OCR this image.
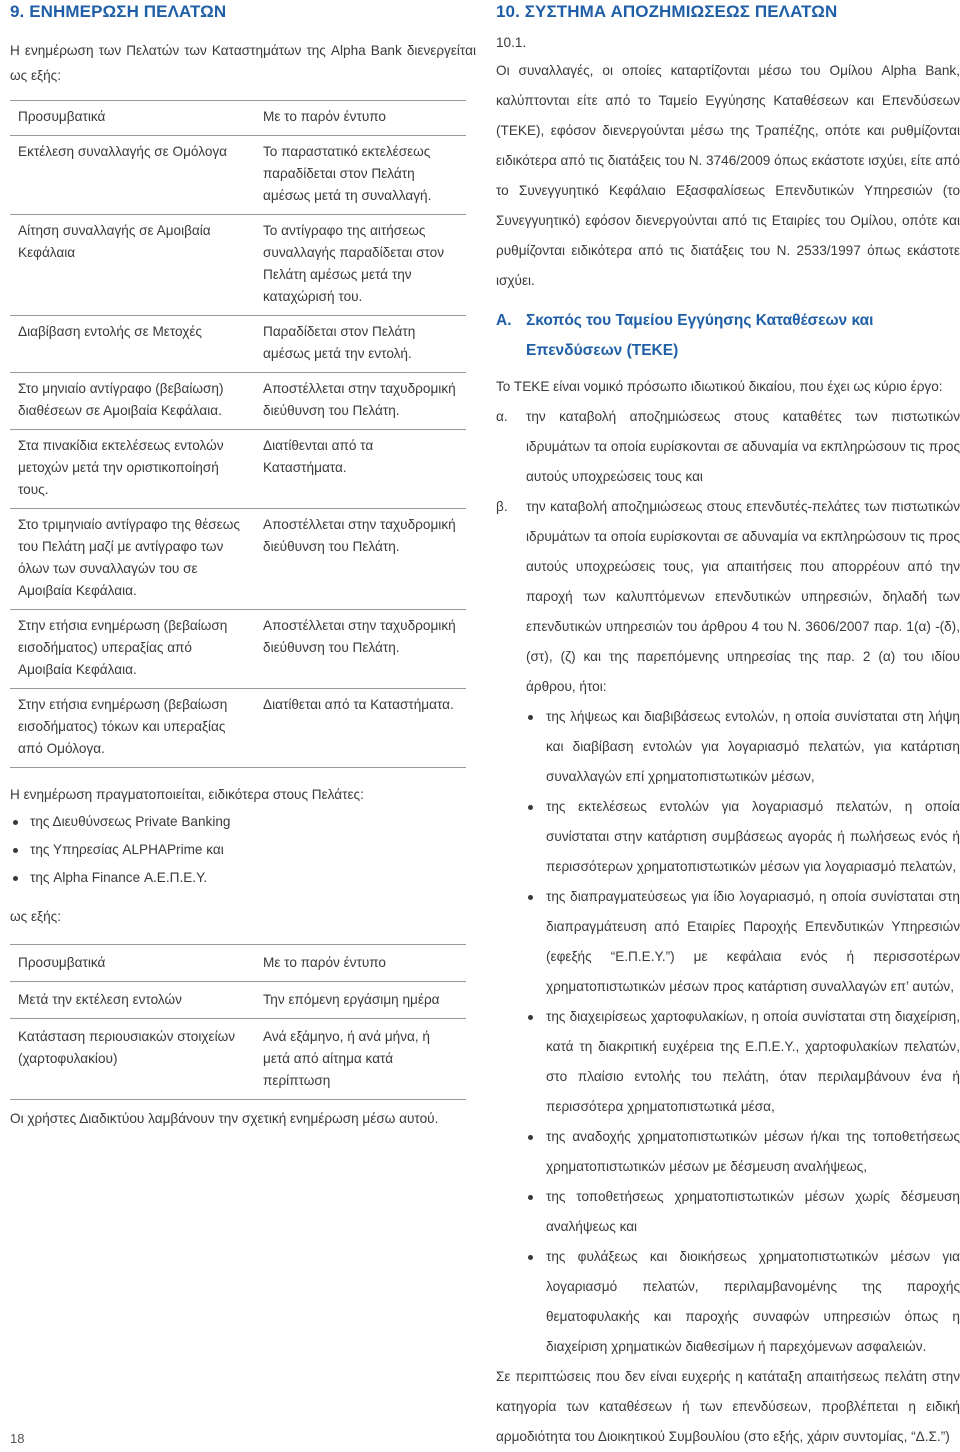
9. ΕΝΗΜΕΡΩΣΗ ΠΕΛΑΤΩΝ

Η ενημέρωση των Πελατών των Καταστημάτων της Alpha Bank διενεργείται ως εξής:

Προσυμβατικά	Με το παρόν έντυπο
Εκτέλεση συναλλαγής σε Ομόλογα	Το παραστατικό εκτελέσεως παραδίδεται στον Πελάτη αμέσως μετά τη συναλλαγή.
Αίτηση συναλλαγής σε Αμοιβαία Κεφάλαια	Το αντίγραφο της αιτήσεως συναλλαγής παραδίδεται στον Πελάτη αμέσως μετά την καταχώρισή του.
Διαβίβαση εντολής σε Μετοχές	Παραδίδεται στον Πελάτη αμέσως μετά την εντολή.
Στο μηνιαίο αντίγραφο (βεβαίωση) διαθέσεων σε Αμοιβαία Κεφάλαια.	Αποστέλλεται στην ταχυδρομική διεύθυνση του Πελάτη.
Στα πινακίδια εκτελέσεως εντολών μετοχών μετά την οριστικοποίησή τους.	Διατίθενται από τα Καταστήματα.
Στο τριμηνιαίο αντίγραφο της θέσεως του Πελάτη μαζί με αντίγραφο των όλων των συναλλαγών του σε Αμοιβαία Κεφάλαια.	Αποστέλλεται στην ταχυδρομική διεύθυνση του Πελάτη.
Στην ετήσια ενημέρωση (βεβαίωση εισοδήματος) υπεραξίας από Αμοιβαία Κεφάλαια.	Αποστέλλεται στην ταχυδρομική διεύθυνση του Πελάτη.
Στην ετήσια ενημέρωση (βεβαίωση εισοδήματος) τόκων και υπεραξίας από Ομόλογα.	Διατίθεται από τα Καταστήματα.

Η ενημέρωση πραγματοποιείται, ειδικότερα στους Πελάτες:

της Διευθύνσεως Private Banking
της Υπηρεσίας ALPHAPrime και
της Alpha Finance Α.Ε.Π.Ε.Υ.

ως εξής:

Προσυμβατικά	Με το παρόν έντυπο
Μετά την εκτέλεση εντολών	Την επόμενη εργάσιμη ημέρα
Κατάσταση περιουσιακών στοιχείων (χαρτοφυλακίου)	Ανά εξάμηνο, ή ανά μήνα, ή μετά από αίτημα κατά περίπτωση

Οι χρήστες Διαδικτύου λαμβάνουν την σχετική ενημέρωση μέσω αυτού.

10. ΣΥΣΤΗΜΑ ΑΠΟΖΗΜΙΩΣΕΩΣ ΠΕΛΑΤΩΝ

10.1.

Οι συναλλαγές, οι οποίες καταρτίζονται μέσω του Ομίλου Alpha Bank, καλύπτονται είτε από το Ταμείο Εγγύησης Καταθέσεων και Επενδύσεων (ΤΕΚΕ), εφόσον διενεργούνται μέσω της Τραπέζης, οπότε και ρυθμίζονται ειδικότερα από τις διατάξεις του Ν. 3746/2009 όπως εκάστοτε ισχύει, είτε από το Συνεγγυητικό Κεφάλαιο Εξασφαλίσεως Επενδυτικών Υπηρεσιών (το Συνεγγυητικό) εφόσον διενεργούνται από τις Εταιρίες του Ομίλου, οπότε και ρυθμίζονται ειδικότερα από τις διατάξεις του Ν. 2533/1997 όπως εκάστοτε ισχύει.

Α. Σκοπός του Ταμείου Εγγύησης Καταθέσεων και Επενδύσεων (ΤΕΚΕ)

Το ΤΕΚΕ είναι νομικό πρόσωπο ιδιωτικού δικαίου, που έχει ως κύριο έργο:

α.	την καταβολή αποζημιώσεως στους καταθέτες των πιστωτικών ιδρυμάτων τα οποία ευρίσκονται σε αδυναμία να εκπληρώσουν τις προς αυτούς υποχρεώσεις τους και
β.	την καταβολή αποζημιώσεως στους επενδυτές-πελάτες των πιστωτικών ιδρυμάτων τα οποία ευρίσκονται σε αδυναμία να εκπληρώσουν τις προς αυτούς υποχρεώσεις τους, για απαιτήσεις που απορρέουν από την παροχή των καλυπτόμενων επενδυτικών υπηρεσιών, δηλαδή των επενδυτικών υπηρεσιών του άρθρου 4 του Ν. 3606/2007 παρ. 1(α) -(δ), (στ), (ζ) και της παρεπόμενης υπηρεσίας της παρ. 2 (α) του ιδίου άρθρου, ήτοι:
της λήψεως και διαβιβάσεως εντολών, η οποία συνίσταται στη λήψη και διαβίβαση εντολών για λογαριασμό πελατών, για κατάρτιση συναλλαγών επί χρηματοπιστωτικών μέσων,
της εκτελέσεως εντολών για λογαριασμό πελατών, η οποία συνίσταται στην κατάρτιση συμβάσεως αγοράς ή πωλήσεως ενός ή περισσότερων χρηματοπιστωτικών μέσων για λογαριασμό πελατών,
της διαπραγματεύσεως για ίδιο λογαριασμό, η οποία συνίσταται στη διαπραγμάτευση από Εταιρίες Παροχής Επενδυτικών Υπηρεσιών (εφεξής “Ε.Π.Ε.Υ.”) με κεφάλαια ενός ή περισσοτέρων χρηματοπιστωτικών μέσων προς κατάρτιση συναλλαγών επ’ αυτών,
της διαχειρίσεως χαρτοφυλακίων, η οποία συνίσταται στη διαχείριση, κατά τη διακριτική ευχέρεια της Ε.Π.Ε.Υ., χαρτοφυλακίων πελατών, στο πλαίσιο εντολής του πελάτη, όταν περιλαμβάνουν ένα ή περισσότερα χρηματοπιστωτικά μέσα,
της αναδοχής χρηματοπιστωτικών μέσων ή/και της τοποθετήσεως χρηματοπιστωτικών μέσων με δέσμευση αναλήψεως,
της τοποθετήσεως χρηματοπιστωτικών μέσων χωρίς δέσμευση αναλήψεως και
της φυλάξεως και διοικήσεως χρηματοπιστωτικών μέσων για λογαριασμό πελατών, περιλαμβανομένης της παροχής θεματοφυλακής και παροχής συναφών υπηρεσιών όπως η διαχείριση χρηματικών διαθεσίμων ή παρεχόμενων ασφαλειών.

Σε περιπτώσεις που δεν είναι ευχερής η κατάταξη απαιτήσεως πελάτη στην κατηγορία των καταθέσεων ή των επενδύσεων, προβλέπεται η ειδική αρμοδιότητα του Διοικητικού Συμβουλίου (στο εξής, χάριν συντομίας, “Δ.Σ.”)

18
